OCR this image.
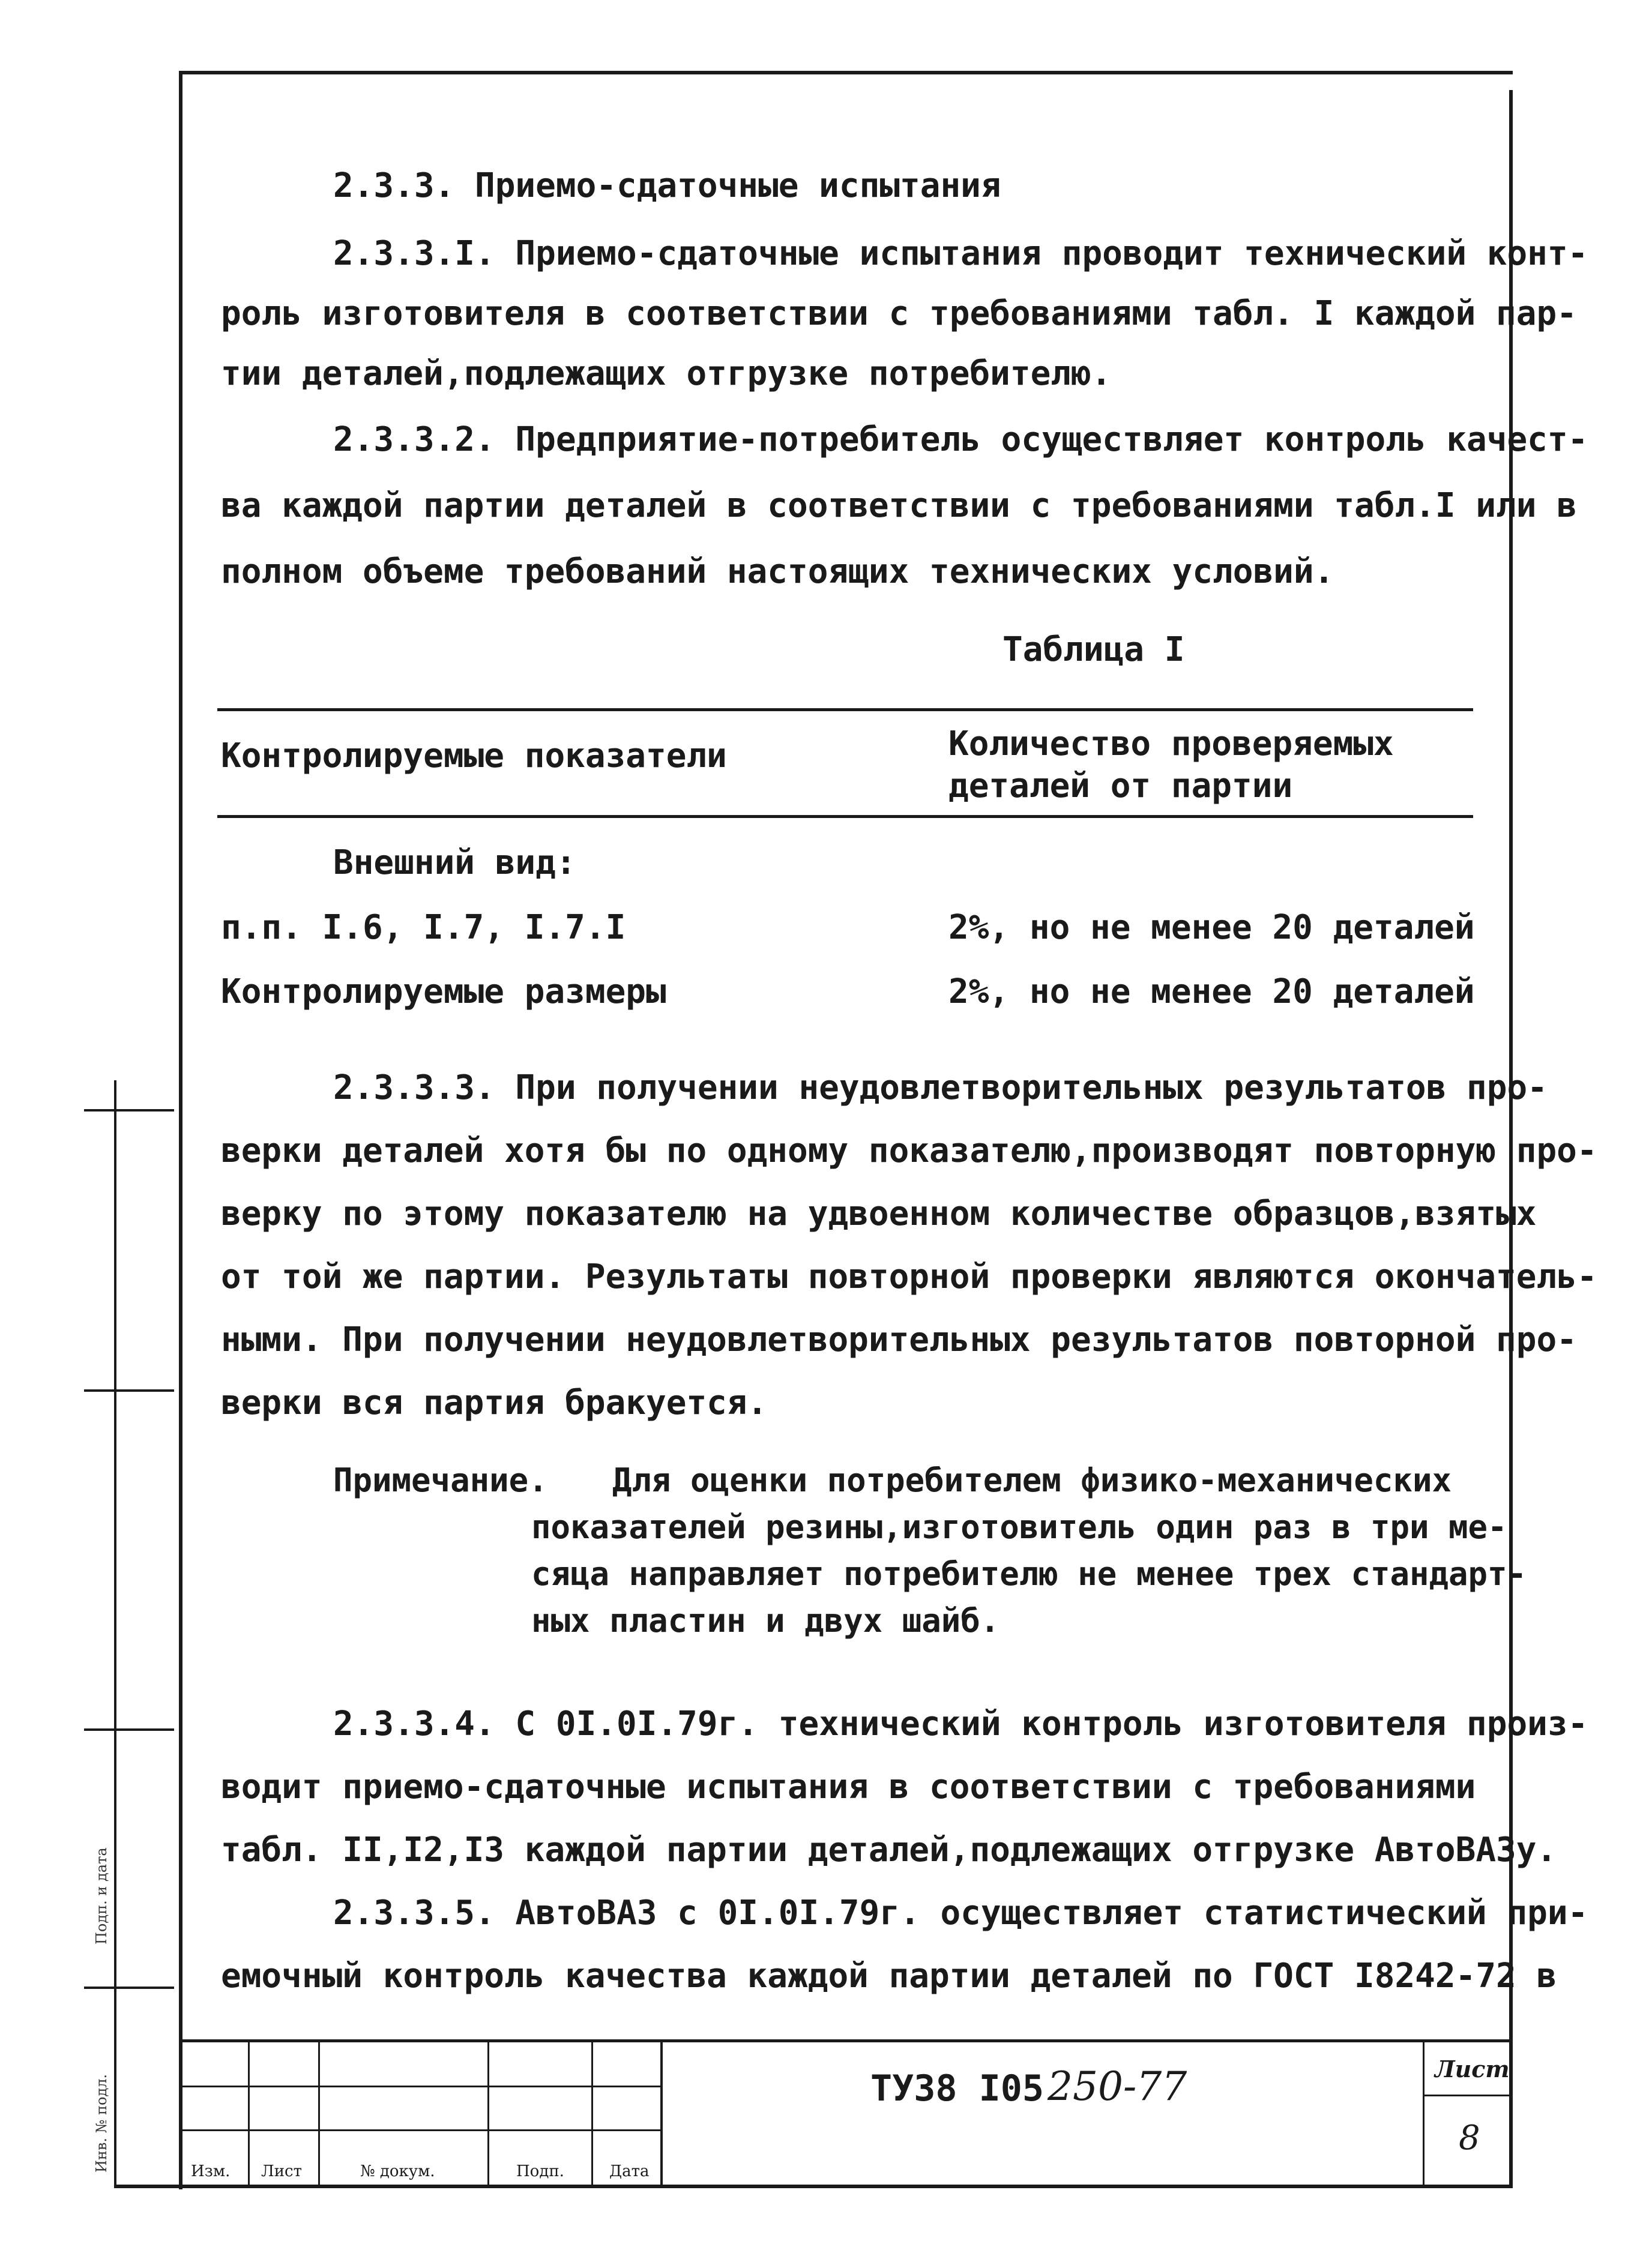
Подп. и дата
Инв. № подл.
2.3.3. Приемо-сдаточные испытания
2.3.3.I. Приемо-сдаточные испытания проводит технический конт-
роль изготовителя в соответствии с требованиями табл. I каждой пар-
тии деталей,подлежащих отгрузке потребителю.
2.3.3.2. Предприятие-потребитель осуществляет контроль качест-
ва каждой партии деталей в соответствии с требованиями табл.I или в
полном объеме требований настоящих технических условий.
Таблица I
Контролируемые показатели	Количество проверяемых
деталей от партии
Внешний вид:
п.п. I.6, I.7, I.7.I	2%, но не менее 20 деталей
Контролируемые размеры	2%, но не менее 20 деталей
2.3.3.3. При получении неудовлетворительных результатов про-
верки деталей хотя бы по одному показателю,производят повторную про-
верку по этому показателю на удвоенном количестве образцов,взятых
от той же партии. Результаты повторной проверки являются окончатель-
ными. При получении неудовлетворительных результатов повторной про-
верки вся партия бракуется.
Примечание. Для оценки потребителем физико-механических
показателей резины,изготовитель один раз в три ме-
сяца направляет потребителю не менее трех стандарт-
ных пластин и двух шайб.
2.3.3.4. С 0I.0I.79г. технический контроль изготовителя произ-
водит приемо-сдаточные испытания в соответствии с требованиями
табл. II,I2,I3 каждой партии деталей,подлежащих отгрузке АвтоВАЗу.
2.3.3.5. АвтоВАЗ с 0I.0I.79г. осуществляет статистический при-
емочный контроль качества каждой партии деталей по ГОСТ I8242-72 в
Изм. Лист	№ докум.	Подп.	Дата
ТУЗ8 I05 250-77	Лист
8
